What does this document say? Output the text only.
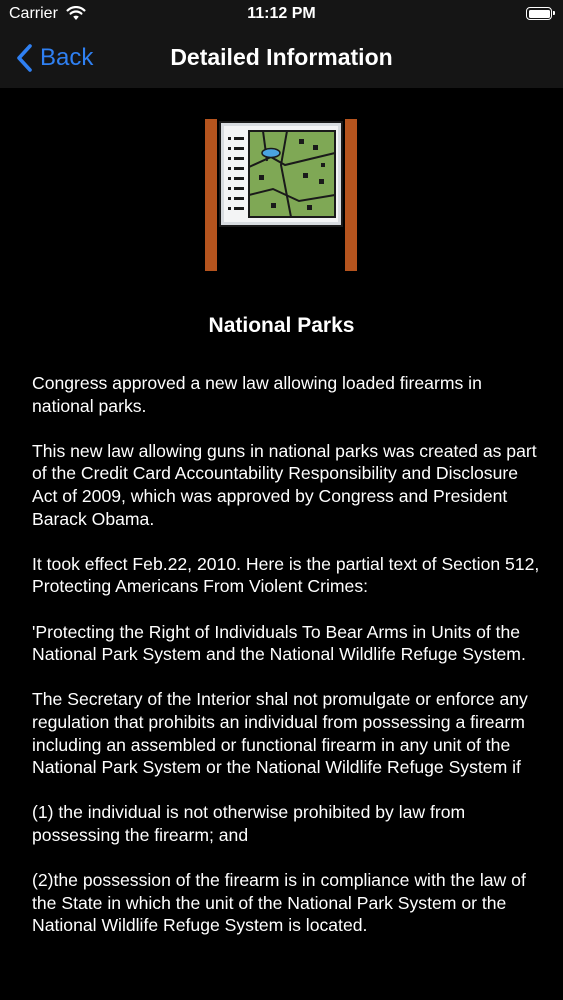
Carrier	11:12 PM
Back	Detailed Information
National Parks

Congress approved a new law allowing loaded firearms in national parks.

This new law allowing guns in national parks was created as part of the Credit Card Accountability Responsibility and Disclosure Act of 2009, which was approved by Congress and President Barack Obama.

It took effect Feb.22, 2010. Here is the partial text of Section 512, Protecting Americans From Violent Crimes:

'Protecting the Right of Individuals To Bear Arms in Units of the National Park System and the National Wildlife Refuge System.

The Secretary of the Interior shal not promulgate or enforce any regulation that prohibits an individual from possessing a firearm including an assembled or functional firearm in any unit of the National Park System or the National Wildlife Refuge System if

(1) the individual is not otherwise prohibited by law from possessing the firearm; and

(2)the possession of the firearm is in compliance with the law of the State in which the unit of the National Park System or the National Wildlife Refuge System is located.
